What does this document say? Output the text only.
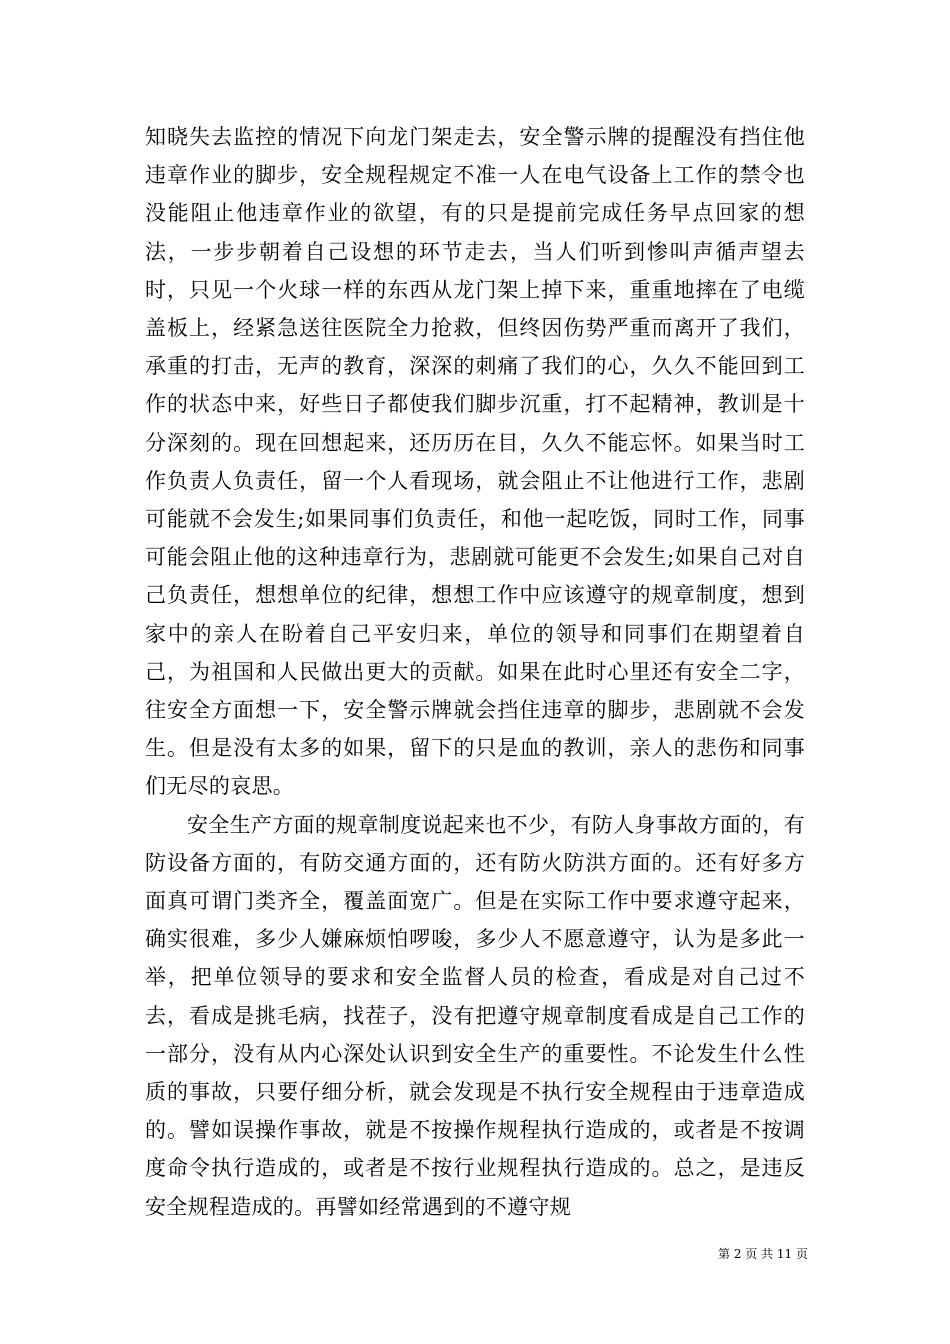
知晓失去监控的情况下向龙门架走去，安全警示牌的提醒没有挡住他违章作业的脚步，安全规程规定不准一人在电气设备上工作的禁令也没能阻止他违章作业的欲望，有的只是提前完成任务早点回家的想法，一步步朝着自己设想的环节走去，当人们听到惨叫声循声望去时，只见一个火球一样的东西从龙门架上掉下来，重重地摔在了电缆盖板上，经紧急送往医院全力抢救，但终因伤势严重而离开了我们，承重的打击，无声的教育，深深的刺痛了我们的心，久久不能回到工作的状态中来，好些日子都使我们脚步沉重，打不起精神，教训是十分深刻的。现在回想起来，还历历在目，久久不能忘怀。如果当时工作负责人负责任，留一个人看现场，就会阻止不让他进行工作，悲剧可能就不会发生;如果同事们负责任，和他一起吃饭，同时工作，同事可能会阻止他的这种违章行为，悲剧就可能更不会发生;如果自己对自己负责任，想想单位的纪律，想想工作中应该遵守的规章制度，想到家中的亲人在盼着自己平安归来，单位的领导和同事们在期望着自己，为祖国和人民做出更大的贡献。如果在此时心里还有安全二字，往安全方面想一下，安全警示牌就会挡住违章的脚步，悲剧就不会发生。但是没有太多的如果，留下的只是血的教训，亲人的悲伤和同事们无尽的哀思。

安全生产方面的规章制度说起来也不少，有防人身事故方面的，有防设备方面的，有防交通方面的，还有防火防洪方面的。还有好多方面真可谓门类齐全，覆盖面宽广。但是在实际工作中要求遵守起来，确实很难，多少人嫌麻烦怕啰唆，多少人不愿意遵守，认为是多此一举，把单位领导的要求和安全监督人员的检查，看成是对自己过不去，看成是挑毛病，找茬子，没有把遵守规章制度看成是自己工作的一部分，没有从内心深处认识到安全生产的重要性。不论发生什么性质的事故，只要仔细分析，就会发现是不执行安全规程由于违章造成的。譬如误操作事故，就是不按操作规程执行造成的，或者是不按调度命令执行造成的，或者是不按行业规程执行造成的。总之，是违反安全规程造成的。再譬如经常遇到的不遵守规

第 2 页 共 11 页
